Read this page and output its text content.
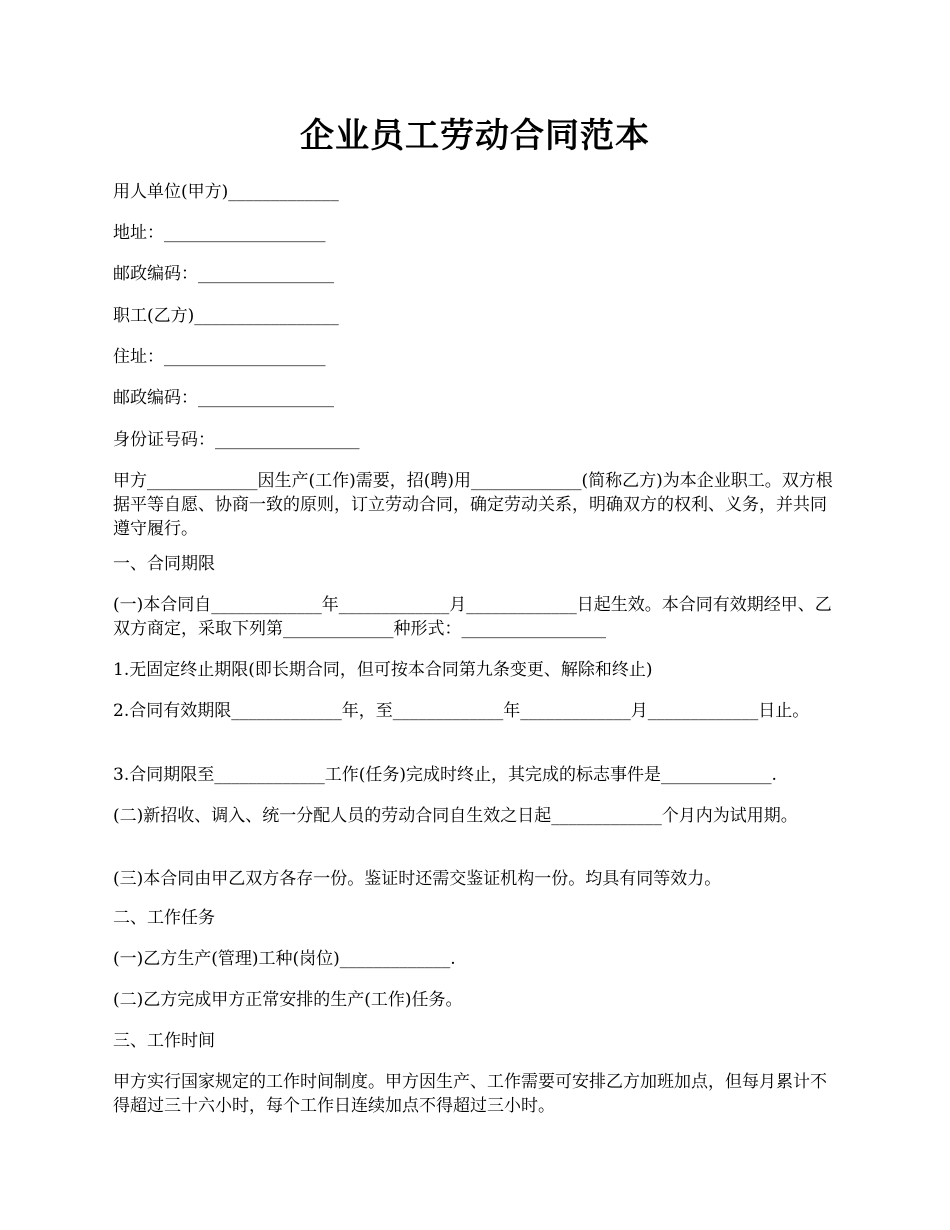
企业员工劳动合同范本
用人单位(甲方)_____________
地址：___________________
邮政编码：________________
职工(乙方)_________________
住址：___________________
邮政编码：________________
身份证号码：_________________
甲方_____________因生产(工作)需要，招(聘)用_____________(简称乙方)为本企业职工。双方根据平等自愿、协商一致的原则，订立劳动合同，确定劳动关系，明确双方的权利、义务，并共同遵守履行。
一、合同期限
(一)本合同自_____________年_____________月_____________日起生效。本合同有效期经甲、乙双方商定，采取下列第_____________种形式：_________________
1.无固定终止期限(即长期合同，但可按本合同第九条变更、解除和终止)
2.合同有效期限_____________年，至_____________年_____________月_____________日止。
3.合同期限至_____________工作(任务)完成时终止，其完成的标志事件是_____________.
(二)新招收、调入、统一分配人员的劳动合同自生效之日起_____________个月内为试用期。
(三)本合同由甲乙双方各存一份。鉴证时还需交鉴证机构一份。均具有同等效力。
二、工作任务
(一)乙方生产(管理)工种(岗位)_____________.
(二)乙方完成甲方正常安排的生产(工作)任务。
三、工作时间
甲方实行国家规定的工作时间制度。甲方因生产、工作需要可安排乙方加班加点，但每月累计不得超过三十六小时，每个工作日连续加点不得超过三小时。
